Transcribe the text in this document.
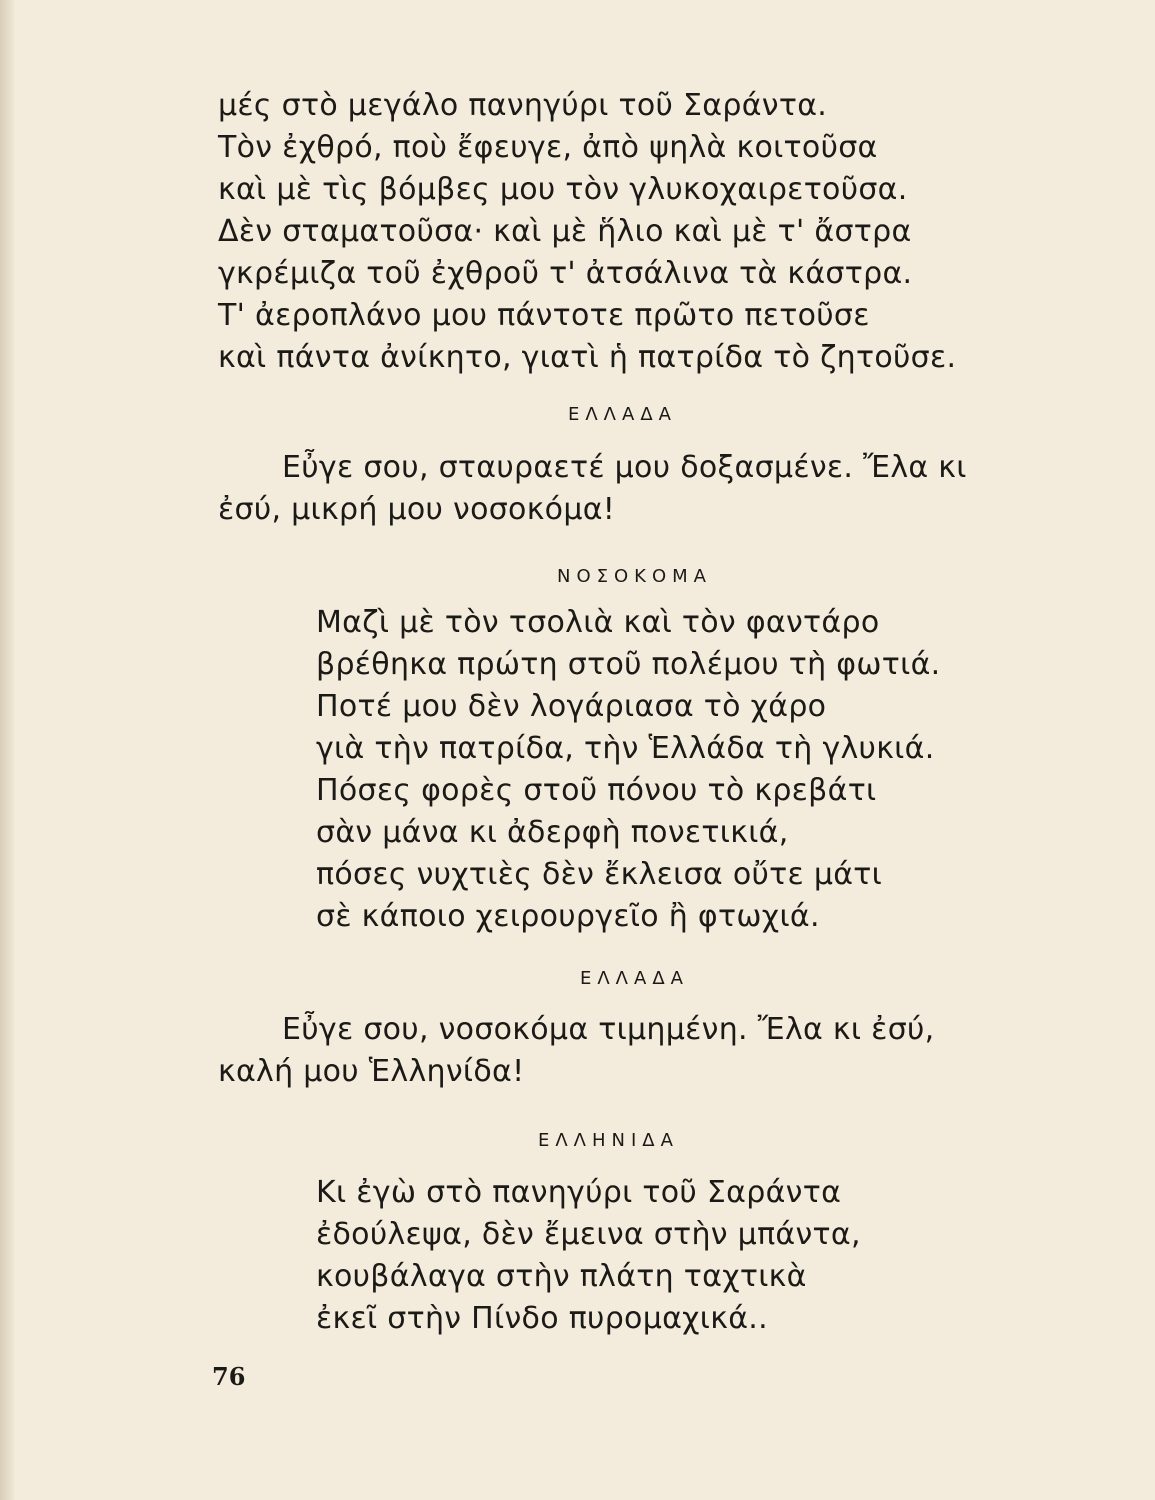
μές στὸ μεγάλο πανηγύρι τοῦ Σαράντα.
Τὸν ἐχθρό, ποὺ ἔφευγε, ἀπὸ ψηλὰ κοιτοῦσα
καὶ μὲ τὶς βόμβες μου τὸν γλυκοχαιρετοῦσα.
Δὲν σταματοῦσα· καὶ μὲ ἥλιο καὶ μὲ τ' ἄστρα
γκρέμιζα τοῦ ἐχθροῦ τ' ἀτσάλινα τὰ κάστρα.
Τ' ἀεροπλάνο μου πάντοτε πρῶτο πετοῦσε
καὶ πάντα ἀνίκητο, γιατὶ ἡ πατρίδα τὸ ζητοῦσε.
ΕΛΛΑΔΑ
Εὖγε σου, σταυραετέ μου δοξασμένε. Ἔλα κι
ἐσύ, μικρή μου νοσοκόμα!
ΝΟΣΟΚΟΜΑ
Μαζὶ μὲ τὸν τσολιὰ καὶ τὸν φαντάρο
βρέθηκα πρώτη στοῦ πολέμου τὴ φωτιά.
Ποτέ μου δὲν λογάριασα τὸ χάρο
γιὰ τὴν πατρίδα, τὴν Ἑλλάδα τὴ γλυκιά.
Πόσες φορὲς στοῦ πόνου τὸ κρεβάτι
σὰν μάνα κι ἀδερφὴ πονετικιά,
πόσες νυχτιὲς δὲν ἔκλεισα οὔτε μάτι
σὲ κάποιο χειρουργεῖο ἢ φτωχιά.
ΕΛΛΑΔΑ
Εὖγε σου, νοσοκόμα τιμημένη. Ἔλα κι ἐσύ,
καλή μου Ἑλληνίδα!
ΕΛΛΗΝΙΔΑ
Κι ἐγὼ στὸ πανηγύρι τοῦ Σαράντα
ἐδούλεψα, δὲν ἔμεινα στὴν μπάντα,
κουβάλαγα στὴν πλάτη ταχτικὰ
ἐκεῖ στὴν Πίνδο πυρομαχικά..
76
